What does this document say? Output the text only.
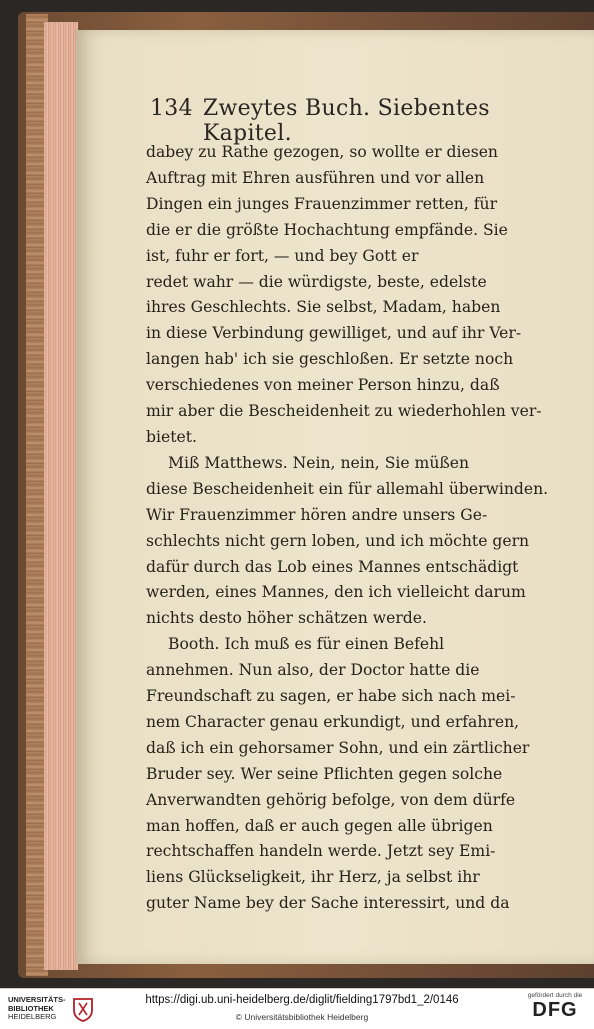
134 Zweytes Buch. Siebentes Kapitel.
dabey zu Rathe gezogen, so wollte er diesen
Auftrag mit Ehren ausführen und vor allen
Dingen ein junges Frauenzimmer retten, für
die er die größte Hochachtung empfände. Sie
ist, fuhr er fort, — und bey Gott er
redet wahr — die würdigste, beste, edelste
ihres Geschlechts. Sie selbst, Madam, haben
in diese Verbindung gewilliget, und auf ihr Ver-
langen hab' ich sie geschloßen. Er setzte noch
verschiedenes von meiner Person hinzu, daß
mir aber die Bescheidenheit zu wiederhohlen ver-
bietet.
Miß Matthews. Nein, nein, Sie müßen
diese Bescheidenheit ein für allemahl überwinden.
Wir Frauenzimmer hören andre unsers Ge-
schlechts nicht gern loben, und ich möchte gern
dafür durch das Lob eines Mannes entschädigt
werden, eines Mannes, den ich vielleicht darum
nichts desto höher schätzen werde.
Booth. Ich muß es für einen Befehl
annehmen. Nun also, der Doctor hatte die
Freundschaft zu sagen, er habe sich nach mei-
nem Character genau erkundigt, und erfahren,
daß ich ein gehorsamer Sohn, und ein zärtlicher
Bruder sey. Wer seine Pflichten gegen solche
Anverwandten gehörig befolge, von dem dürfe
man hoffen, daß er auch gegen alle übrigen
rechtschaffen handeln werde. Jetzt sey Emi-
liens Glückseligkeit, ihr Herz, ja selbst ihr
guter Name bey der Sache interessirt, und da
UNIVERSITÄTS-
BIBLIOTHEK
HEIDELBERG
https://digi.ub.uni-heidelberg.de/diglit/fielding1797bd1_2/0146
© Universitätsbibliothek Heidelberg
gefördert durch die
DFG
